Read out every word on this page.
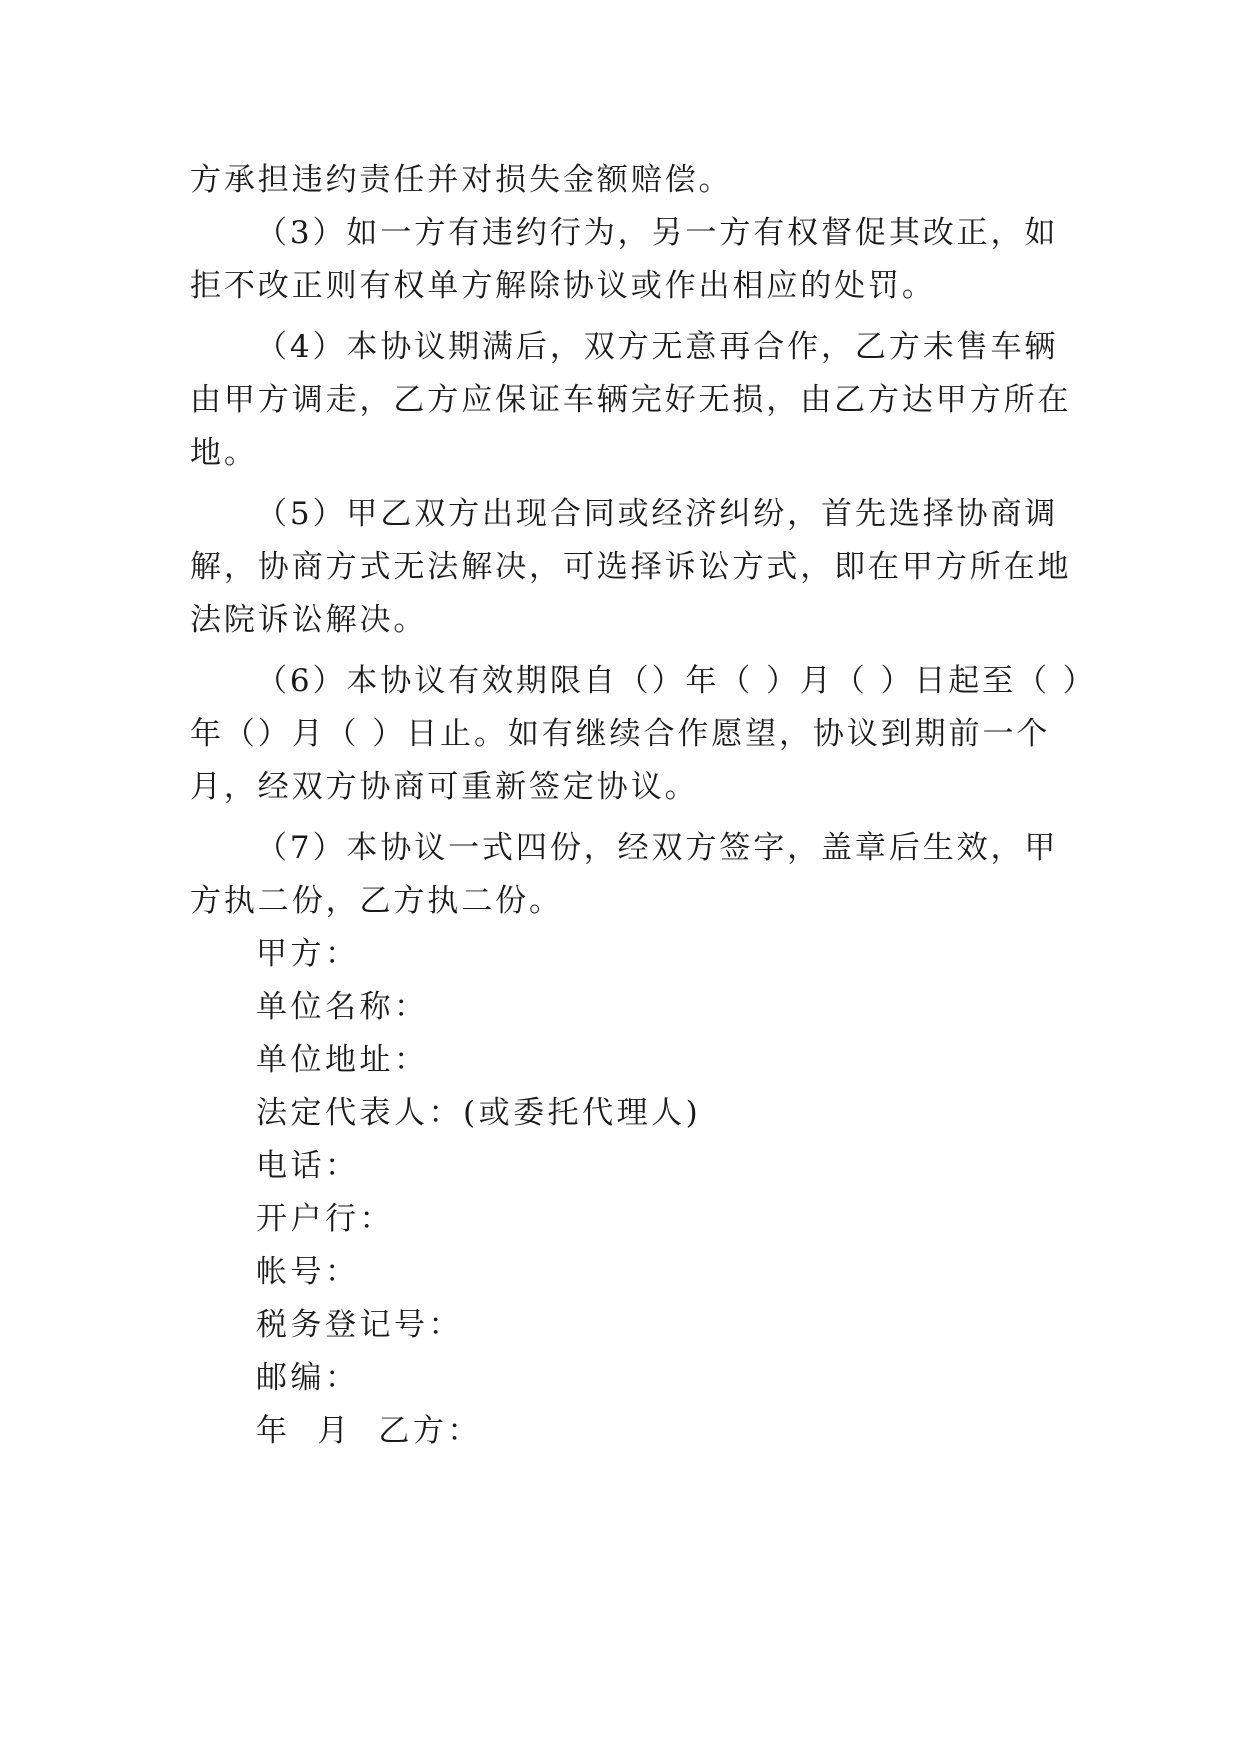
方承担违约责任并对损失金额赔偿。
（3）如一方有违约行为，另一方有权督促其改正，如
拒不改正则有权单方解除协议或作出相应的处罚。
（4）本协议期满后，双方无意再合作，乙方未售车辆
由甲方调走，乙方应保证车辆完好无损，由乙方达甲方所在
地。
（5）甲乙双方出现合同或经济纠纷，首先选择协商调
解，协商方式无法解决，可选择诉讼方式，即在甲方所在地
法院诉讼解决。
（6）本协议有效期限自（）年（ ）月（ ）日起至（ ）
年（）月（ ）日止。如有继续合作愿望，协议到期前一个
月，经双方协商可重新签定协议。
（7）本协议一式四份，经双方签字，盖章后生效，甲
方执二份，乙方执二份。
甲方：
单位名称：
单位地址：
法定代表人：(或委托代理人)
电话：
开户行：
帐号：
税务登记号：
邮编：
年  月  乙方：
